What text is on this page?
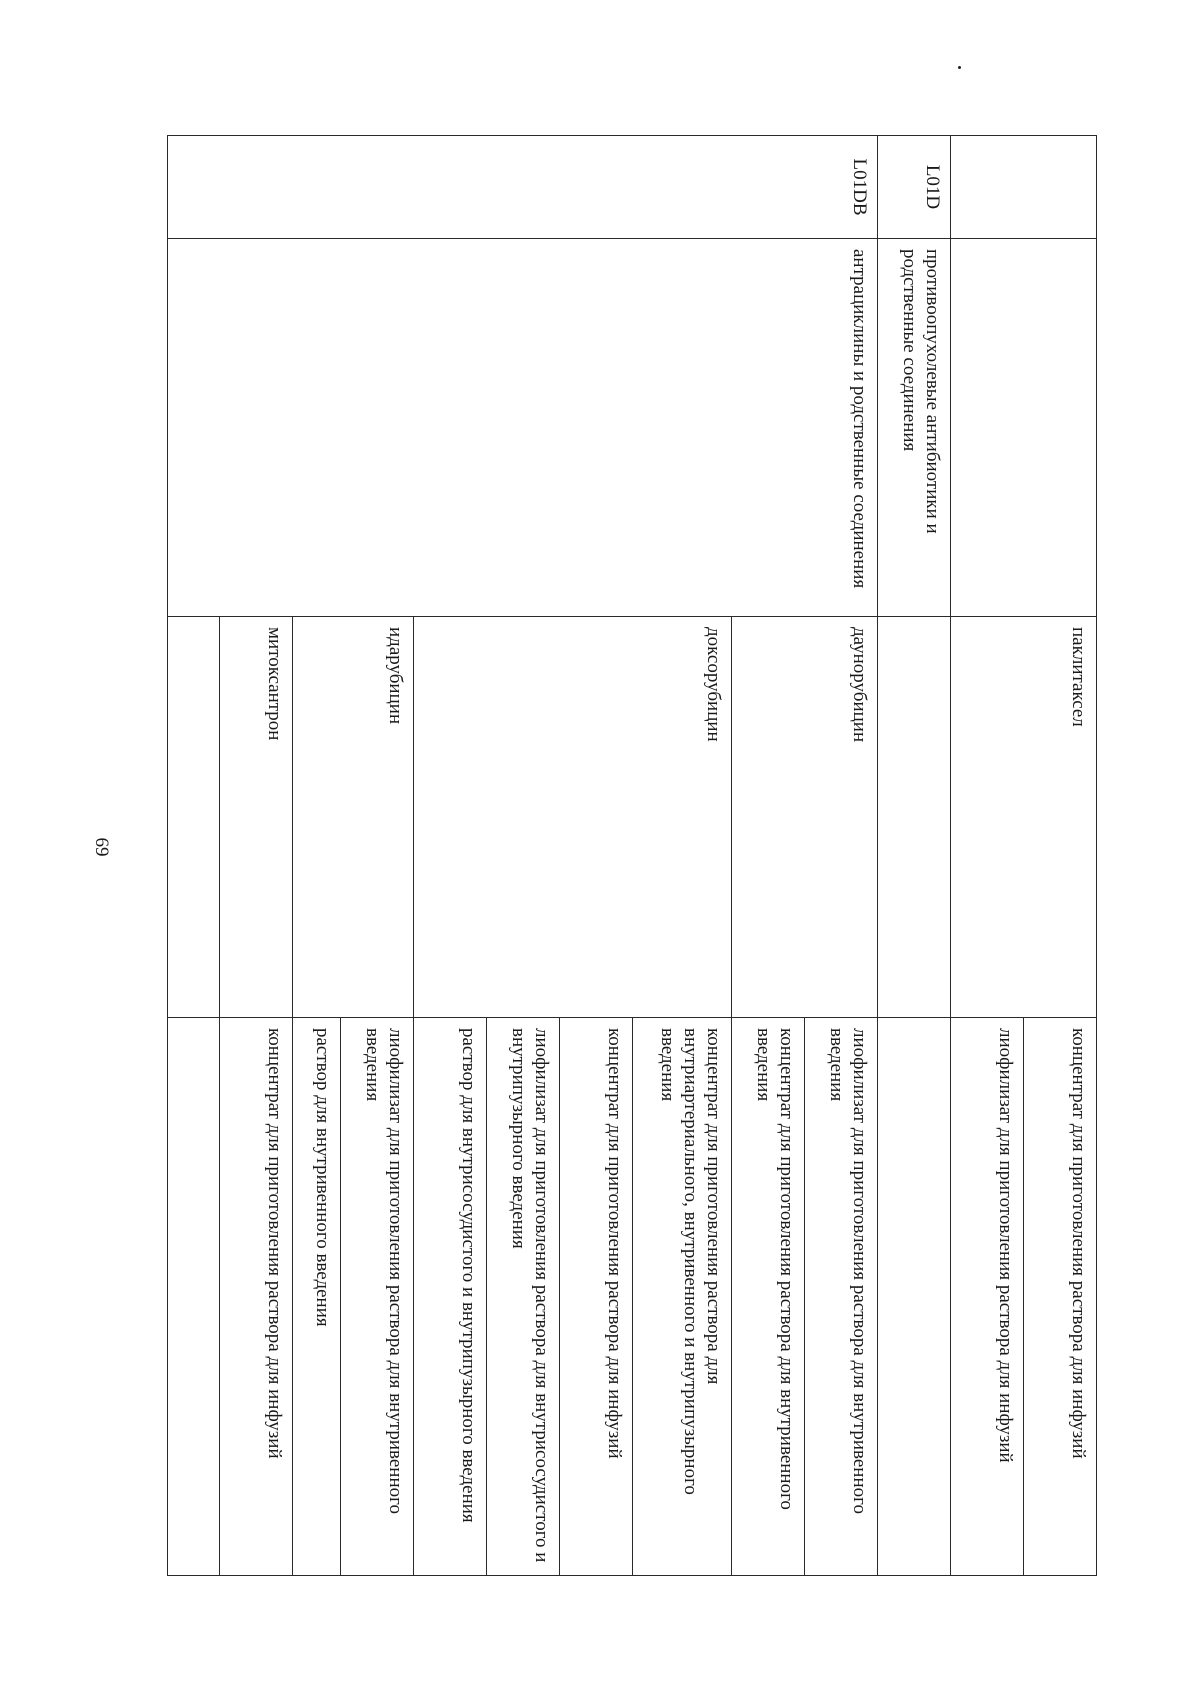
69
		паклитаксел	концентрат для приготовления раствора для инфузий	
			лиофилизат для приготовления раствора для инфузий	
L01D	противоопухолевые антибиотики и родственные соединения			
L01DB	антрациклины и родственные соединения	даунорубицин	лиофилизат для приготовления раствора для внутривенного введения	
			концентрат для приготовления раствора для внутривенного введения	
		доксорубицин	концентрат для приготовления раствора для внутриартериального, внутривенного и внутрипузырного введения	
			концентрат для приготовления раствора для инфузий	
			лиофилизат для приготовления раствора для внутрисосудистого и внутрипузырного введения	
			раствор для внутрисосудистого и внутрипузырного введения	
		идарубицин	лиофилизат для приготовления раствора для внутривенного введения	
			раствор для внутривенного введения	
		митоксантрон	концентрат для приготовления раствора для инфузий	
